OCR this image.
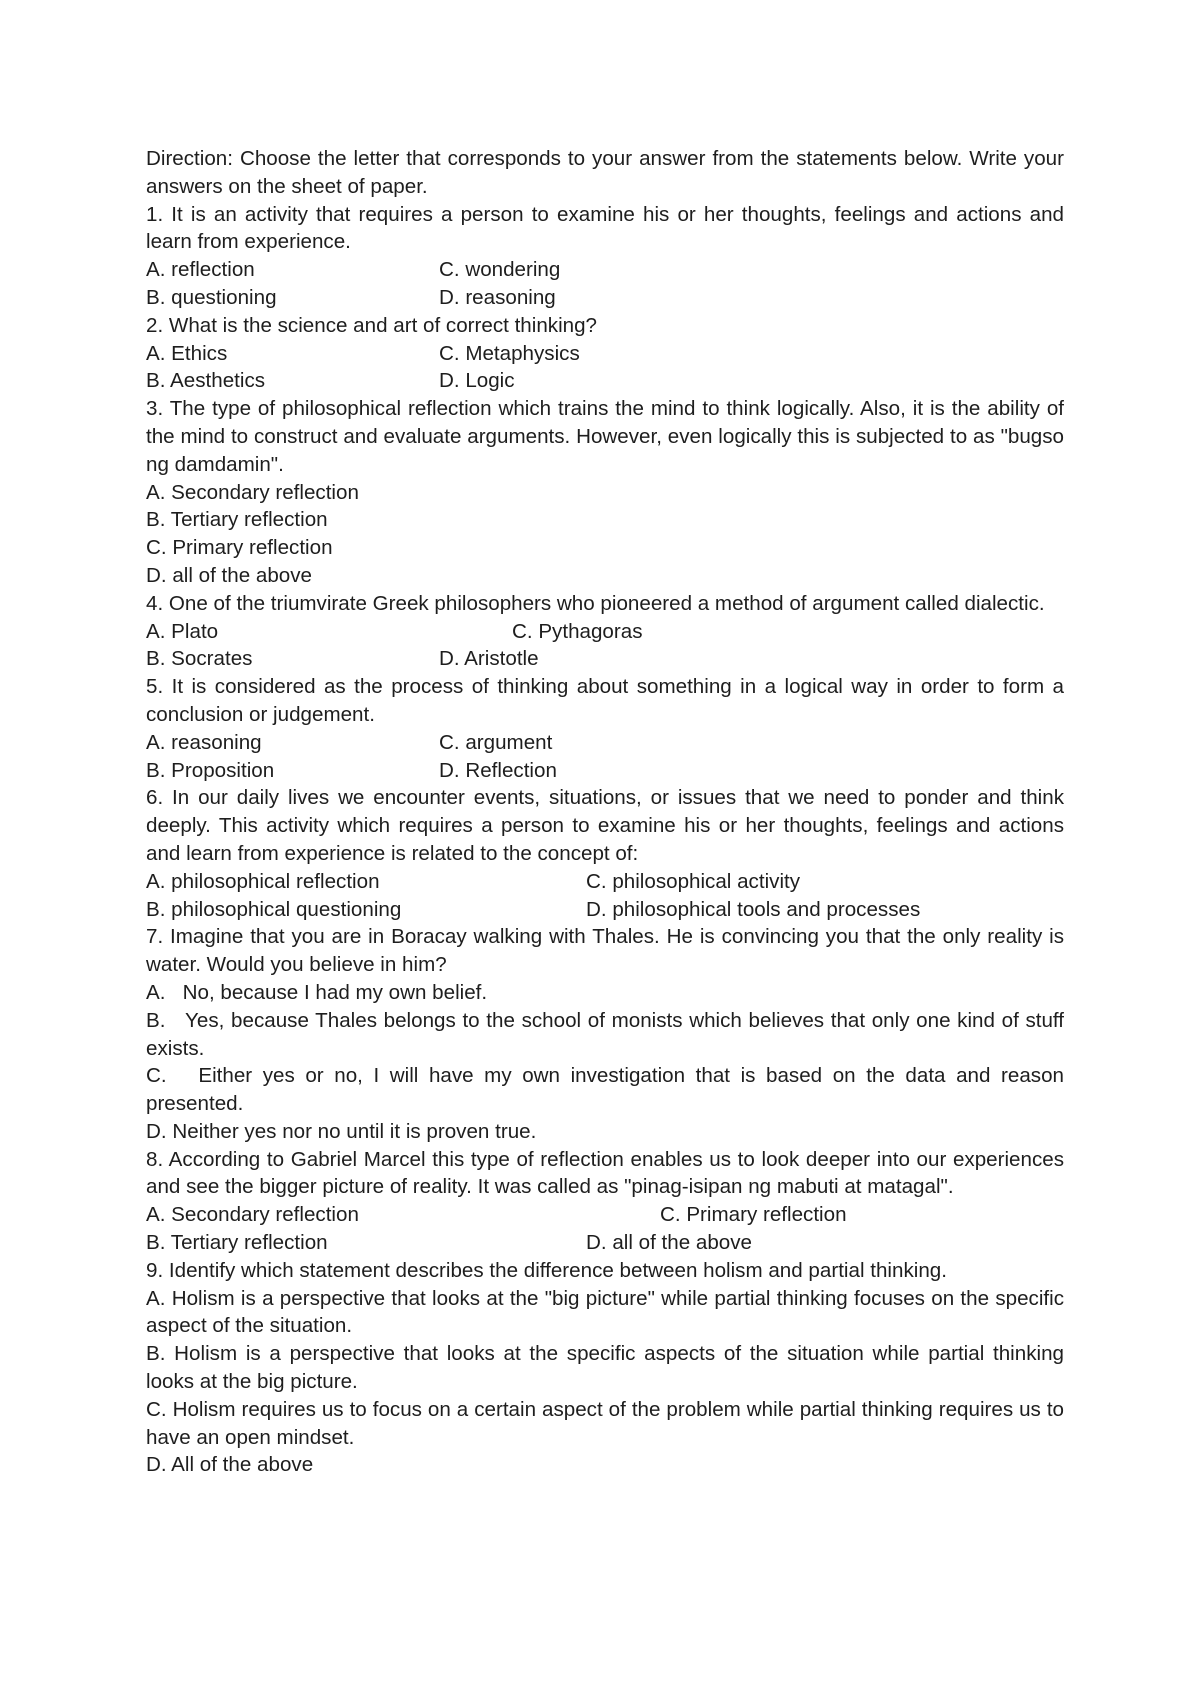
Direction: Choose the letter that corresponds to your answer from the statements below. Write your answers on the sheet of paper.

1. It is an activity that requires a person to examine his or her thoughts, feelings and actions and learn from experience.

A. reflection	C. wondering
B. questioning	D. reasoning

2. What is the science and art of correct thinking?

A. Ethics	C. Metaphysics
B. Aesthetics	D. Logic

3. The type of philosophical reflection which trains the mind to think logically. Also, it is the ability of the mind to construct and evaluate arguments. However, even logically this is subjected to as "bugso ng damdamin".

A. Secondary reflection

B. Tertiary reflection

C. Primary reflection

D. all of the above

4. One of the triumvirate Greek philosophers who pioneered a method of argument called dialectic.

A. Plato	C. Pythagoras
B. Socrates	D. Aristotle

5. It is considered as the process of thinking about something in a logical way in order to form a conclusion or judgement.

A. reasoning	C. argument
B. Proposition	D. Reflection

6. In our daily lives we encounter events, situations, or issues that we need to ponder and think deeply. This activity which requires a person to examine his or her thoughts, feelings and actions and learn from experience is related to the concept of:

A. philosophical reflection	C. philosophical activity
B. philosophical questioning	D. philosophical tools and processes

7. Imagine that you are in Boracay walking with Thales. He is convincing you that the only reality is water. Would you believe in him?

A.   No, because I had my own belief.

B.   Yes, because Thales belongs to the school of monists which believes that only one kind of stuff exists.

C.   Either yes or no, I will have my own investigation that is based on the data and reason presented.

D. Neither yes nor no until it is proven true.

8. According to Gabriel Marcel this type of reflection enables us to look deeper into our experiences and see the bigger picture of reality. It was called as "pinag-isipan ng mabuti at matagal".

A. Secondary reflection	C. Primary reflection
B. Tertiary reflection	D. all of the above

9. Identify which statement describes the difference between holism and partial thinking.

A. Holism is a perspective that looks at the "big picture" while partial thinking focuses on the specific aspect of the situation.

B. Holism is a perspective that looks at the specific aspects of the situation while partial thinking looks at the big picture.

C. Holism requires us to focus on a certain aspect of the problem while partial thinking requires us to have an open mindset.

D. All of the above
